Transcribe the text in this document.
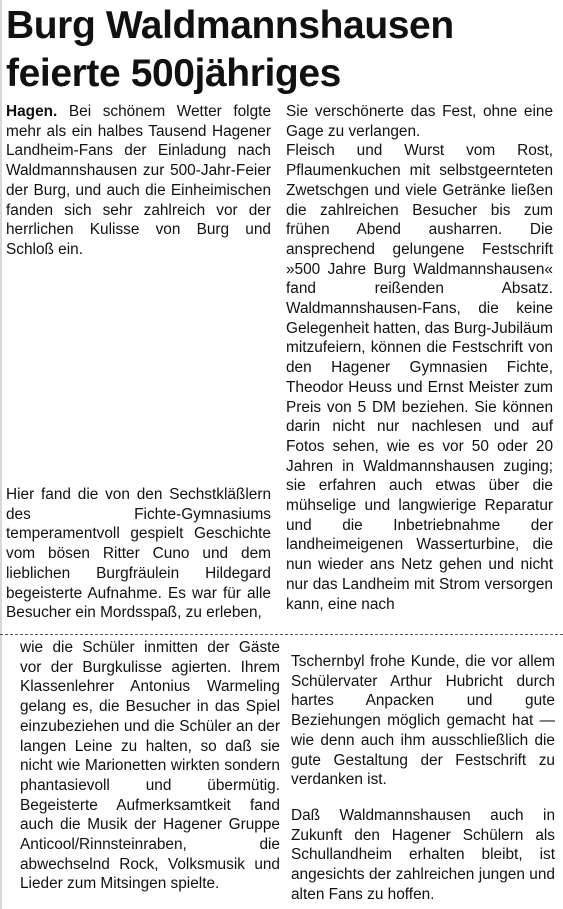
Burg Waldmannshausen
feierte 500jähriges

Hagen. Bei schönem Wetter folgte mehr als ein halbes Tausend Hagener Landheim-Fans der Einladung nach Waldmannshausen zur 500-Jahr-Feier der Burg, und auch die Einheimischen fanden sich sehr zahlreich vor der herrlichen Kulisse von Burg und Schloß ein.

Sie verschönerte das Fest, ohne eine Gage zu verlangen.

Fleisch und Wurst vom Rost, Pflaumenkuchen mit selbstgeernteten Zwetschgen und viele Getränke ließen die zahlreichen Besucher bis zum frühen Abend ausharren. Die ansprechend gelungene Festschrift »500 Jahre Burg Waldmannshausen« fand reißenden Absatz. Waldmannshausen-Fans, die keine Gelegenheit hatten, das Burg-Jubiläum mitzufeiern, können die Festschrift von den Hagener Gymnasien Fichte, Theodor Heuss und Ernst Meister zum Preis von 5 DM beziehen. Sie können darin nicht nur nachlesen und auf Fotos sehen, wie es vor 50 oder 20 Jahren in Waldmannshausen zuging; sie erfahren auch etwas über die mühselige und langwierige Reparatur und die Inbetriebnahme der landheimeigenen Wasserturbine, die nun wieder ans Netz gehen und nicht nur das Landheim mit Strom versorgen kann, eine nach

Hier fand die von den Sechstkläßlern des Fichte-Gymnasiums temperamentvoll gespielt Geschichte vom bösen Ritter Cuno und dem lieblichen Burgfräulein Hildegard begeisterte Aufnahme. Es war für alle Besucher ein Mordsspaß, zu erleben,

wie die Schüler inmitten der Gäste vor der Burgkulisse agierten. Ihrem Klassenlehrer Antonius Warmeling gelang es, die Besucher in das Spiel einzubeziehen und die Schüler an der langen Leine zu halten, so daß sie nicht wie Marionetten wirkten sondern phantasievoll und übermütig. Begeisterte Aufmerksamtkeit fand auch die Musik der Hagener Gruppe Anticool/Rinnsteinraben, die abwechselnd Rock, Volksmusik und Lieder zum Mitsingen spielte.

Tschernbyl frohe Kunde, die vor allem Schülervater Arthur Hubricht durch hartes Anpacken und gute Beziehungen möglich gemacht hat — wie denn auch ihm ausschließlich die gute Gestaltung der Festschrift zu verdanken ist.

Daß Waldmannshausen auch in Zukunft den Hagener Schülern als Schullandheim erhalten bleibt, ist angesichts der zahlreichen jungen und alten Fans zu hoffen.
